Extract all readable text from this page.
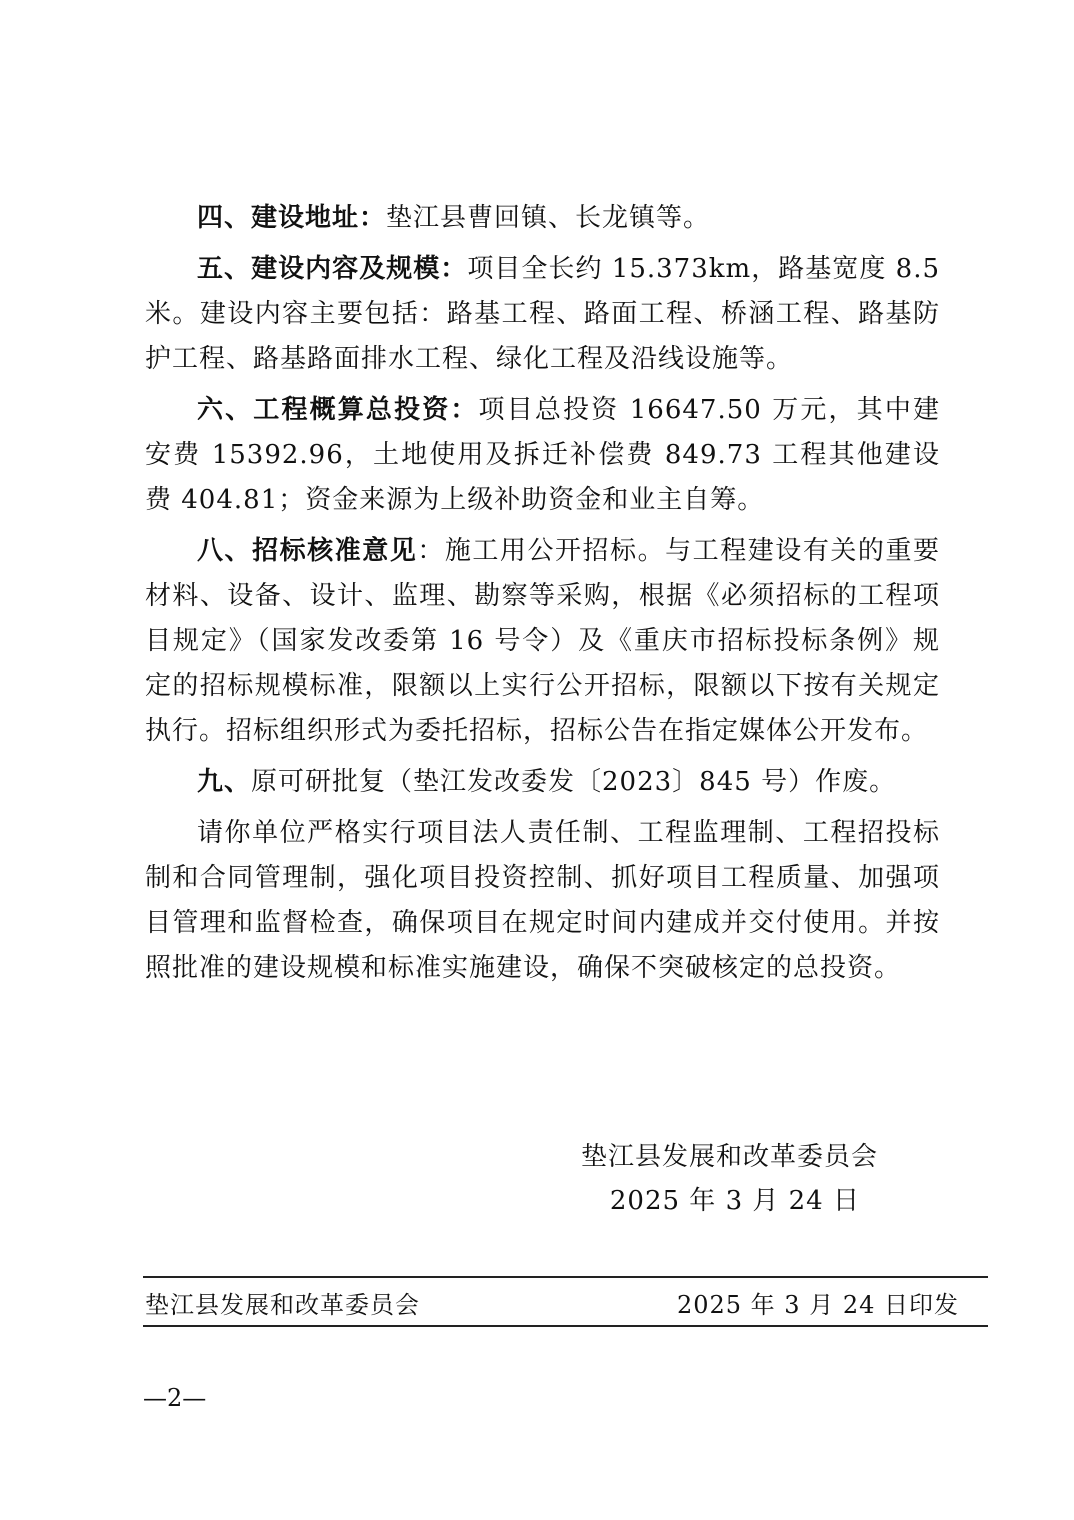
四、建设地址：垫江县曹回镇、长龙镇等。

五、建设内容及规模：项目全长约 15.373km，路基宽度 8.5 米。建设内容主要包括：路基工程、路面工程、桥涵工程、路基防护工程、路基路面排水工程、绿化工程及沿线设施等。

六、工程概算总投资：项目总投资 16647.50 万元，其中建安费 15392.96，土地使用及拆迁补偿费 849.73 工程其他建设费 404.81；资金来源为上级补助资金和业主自筹。

八、招标核准意见：施工用公开招标。与工程建设有关的重要材料、设备、设计、监理、勘察等采购，根据《必须招标的工程项目规定》（国家发改委第 16 号令）及《重庆市招标投标条例》规定的招标规模标准，限额以上实行公开招标，限额以下按有关规定执行。招标组织形式为委托招标，招标公告在指定媒体公开发布。

九、原可研批复（垫江发改委发〔2023〕845 号）作废。

请你单位严格实行项目法人责任制、工程监理制、工程招投标制和合同管理制，强化项目投资控制、抓好项目工程质量、加强项目管理和监督检查，确保项目在规定时间内建成并交付使用。并按照批准的建设规模和标准实施建设，确保不突破核定的总投资。

垫江县发展和改革委员会
2025 年 3 月 24 日
垫江县发展和改革委员会	2025 年 3 月 24 日印发
—2—
